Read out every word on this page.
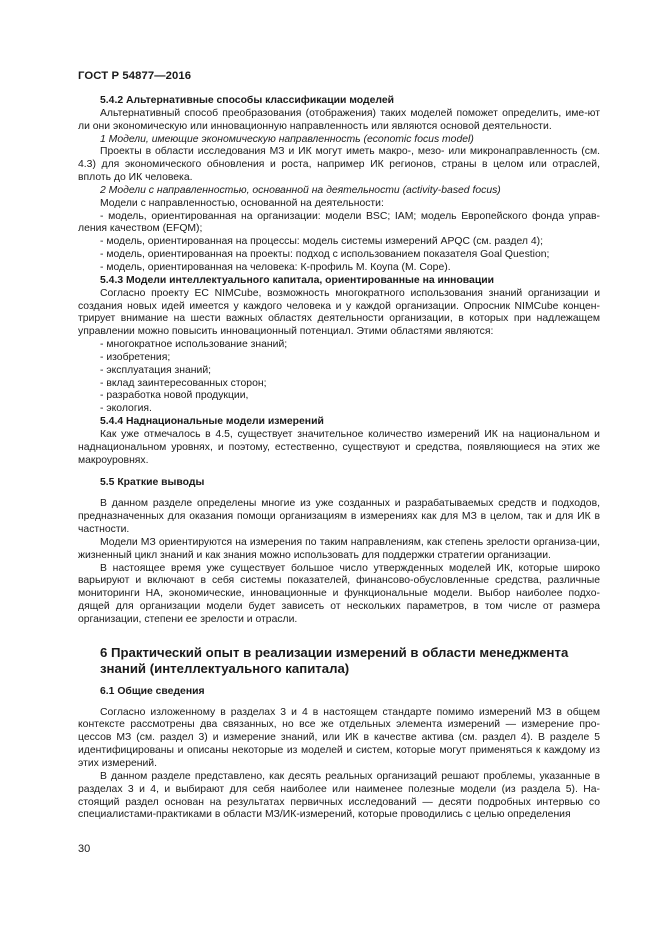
ГОСТ Р 54877—2016
5.4.2 Альтернативные способы классификации моделей

Альтернативный способ преобразования (отображения) таких моделей поможет определить, име-ют ли они экономическую или инновационную направленность или являются основой деятельности.

1 Модели, имеющие экономическую направленность (economic focus model)

Проекты в области исследования МЗ и ИК могут иметь макро-, мезо- или микронаправленность (см. 4.3) для экономического обновления и роста, например ИК регионов, страны в целом или отраслей, вплоть до ИК человека.

2 Модели с направленностью, основанной на деятельности (activity-based focus)

Модели с направленностью, основанной на деятельности:

- модель, ориентированная на организации: модели BSC; IAM; модель Европейского фонда управ-ления качеством (EFQM);

- модель, ориентированная на процессы: модель системы измерений APQC (см. раздел 4);

- модель, ориентированная на проекты: подход с использованием показателя Goal Question;

- модель, ориентированная на человека: К-профиль М. Коупа (М. Cope).

5.4.3 Модели интеллектуального капитала, ориентированные на инновации

Согласно проекту ЕС NIMCube, возможность многократного использования знаний организации и создания новых идей имеется у каждого человека и у каждой организации. Опросник NIMCube концен-трирует внимание на шести важных областях деятельности организации, в которых при надлежащем управлении можно повысить инновационный потенциал. Этими областями являются:

- многократное использование знаний;

- изобретения;

- эксплуатация знаний;

- вклад заинтересованных сторон;

- разработка новой продукции,

- экология.

5.4.4 Наднациональные модели измерений

Как уже отмечалось в 4.5, существует значительное количество измерений ИК на национальном и наднациональном уровнях, и поэтому, естественно, существуют и средства, появляющиеся на этих же макроуровнях.

5.5 Краткие выводы

В данном разделе определены многие из уже созданных и разрабатываемых средств и подходов, предназначенных для оказания помощи организациям в измерениях как для МЗ в целом, так и для ИК в частности.

Модели МЗ ориентируются на измерения по таким направлениям, как степень зрелости организа-ции, жизненный цикл знаний и как знания можно использовать для поддержки стратегии организации.

В настоящее время уже существует большое число утвержденных моделей ИК, которые широко варьируют и включают в себя системы показателей, финансово-обусловленные средства, различные мониторинги НА, экономические, инновационные и функциональные модели. Выбор наиболее подхо-дящей для организации модели будет зависеть от нескольких параметров, в том числе от размера организации, степени ее зрелости и отрасли.

6 Практический опыт в реализации измерений в области менеджмента знаний (интеллектуального капитала)
6.1 Общие сведения

Согласно изложенному в разделах 3 и 4 в настоящем стандарте помимо измерений МЗ в общем контексте рассмотрены два связанных, но все же отдельных элемента измерений — измерение про-цессов МЗ (см. раздел 3) и измерение знаний, или ИК в качестве актива (см. раздел 4). В разделе 5 идентифицированы и описаны некоторые из моделей и систем, которые могут применяться к каждому из этих измерений.

В данном разделе представлено, как десять реальных организаций решают проблемы, указанные в разделах 3 и 4, и выбирают для себя наиболее или наименее полезные модели (из раздела 5). На-стоящий раздел основан на результатах первичных исследований — десяти подробных интервью со специалистами-практиками в области МЗ/ИК-измерений, которые проводились с целью определения

30
